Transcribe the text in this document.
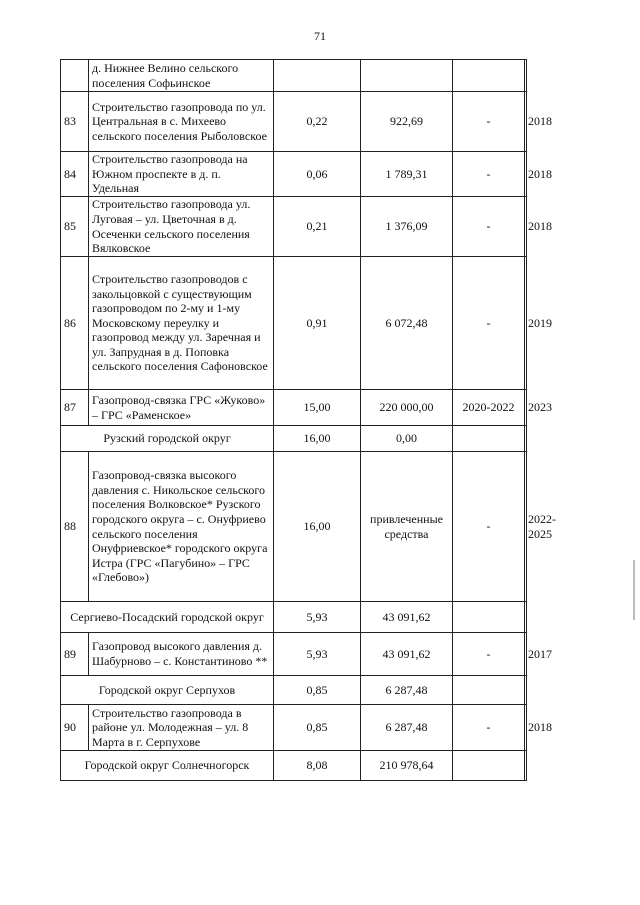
71
	д. Нижнее Велино сельского поселения Софьинское				
83	Строительство газопровода по ул. Центральная в с. Михеево сельского поселения Рыболовское	0,22	922,69	-	2018
84	Строительство газопровода на Южном проспекте в д. п. Удельная	0,06	1 789,31	-	2018
85	Строительство газопровода ул. Луговая – ул. Цветочная в д. Осеченки сельского поселения Вялковское	0,21	1 376,09	-	2018
86	Строительство газопроводов с закольцовкой с существующим газопроводом по 2-му и 1-му Московскому переулку и газопровод между ул. Заречная и ул. Запрудная в д. Поповка сельского поселения Сафоновское	0,91	6 072,48	-	2019
87	Газопровод-связка ГРС «Жуково» – ГРС «Раменское»	15,00	220 000,00	2020-2022	2023
Рузский городской округ		16,00	0,00		
88	Газопровод-связка высокого давления с. Никольское сельского поселения Волковское* Рузского городского округа – с. Онуфриево сельского поселения Онуфриевское* городского округа Истра (ГРС «Пагубино» – ГРС «Глебово»)	16,00	привлеченные средства	-	2022-2025
Сергиево-Посадский городской округ		5,93	43 091,62		
89	Газопровод высокого давления д. Шабурново – с. Константиново **	5,93	43 091,62	-	2017
Городской округ Серпухов		0,85	6 287,48		
90	Строительство газопровода в районе ул. Молодежная – ул. 8 Марта в г. Серпухове	0,85	6 287,48	-	2018
Городской округ Солнечногорск		8,08	210 978,64		
